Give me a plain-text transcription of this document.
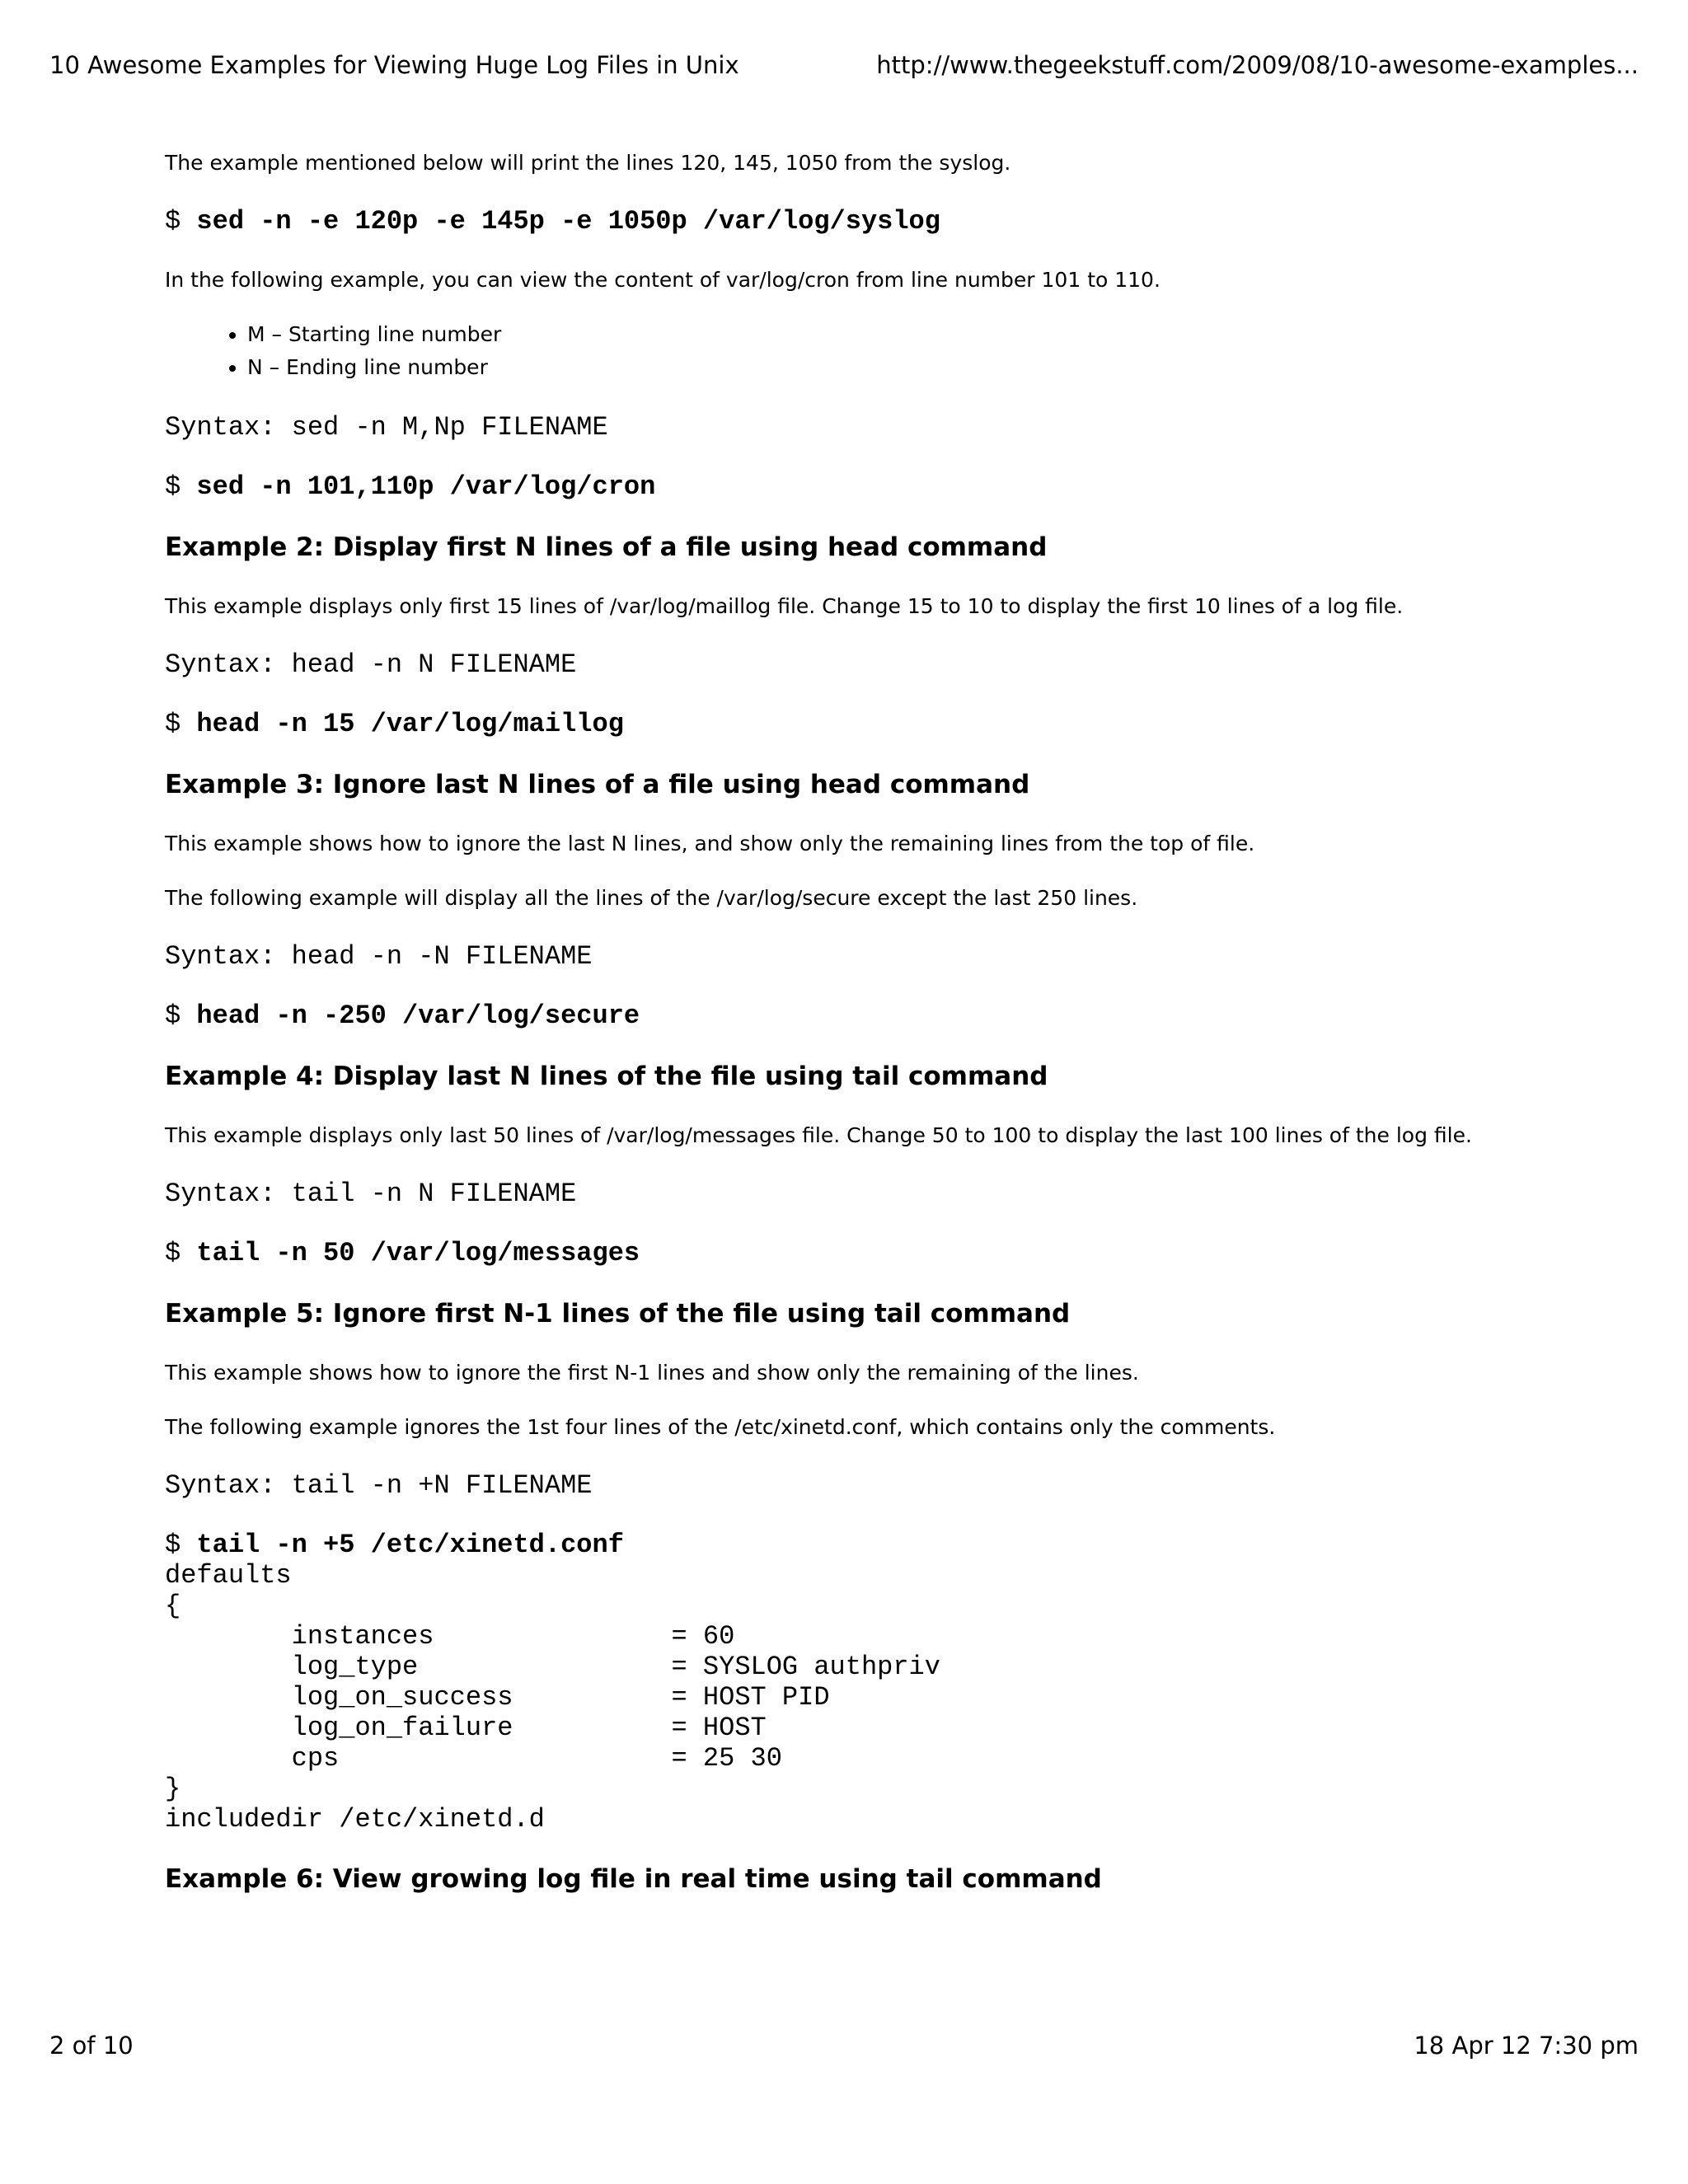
10 Awesome Examples for Viewing Huge Log Files in Unix	http://www.thegeekstuff.com/2009/08/10-awesome-examples...

The example mentioned below will print the lines 120, 145, 1050 from the syslog.

$ sed -n -e 120p -e 145p -e 1050p /var/log/syslog

In the following example, you can view the content of var/log/cron from line number 101 to 110.

• M – Starting line number
• N – Ending line number
Syntax: sed -n M,Np FILENAME
$ sed -n 101,110p /var/log/cron
Example 2: Display first N lines of a file using head command

This example displays only first 15 lines of /var/log/maillog file. Change 15 to 10 to display the first 10 lines of a log file.

Syntax: head -n N FILENAME
$ head -n 15 /var/log/maillog
Example 3: Ignore last N lines of a file using head command

This example shows how to ignore the last N lines, and show only the remaining lines from the top of file.

The following example will display all the lines of the /var/log/secure except the last 250 lines.

Syntax: head -n -N FILENAME
$ head -n -250 /var/log/secure
Example 4: Display last N lines of the file using tail command

This example displays only last 50 lines of /var/log/messages file. Change 50 to 100 to display the last 100 lines of the log file.

Syntax: tail -n N FILENAME
$ tail -n 50 /var/log/messages
Example 5: Ignore first N-1 lines of the file using tail command

This example shows how to ignore the first N-1 lines and show only the remaining of the lines.

The following example ignores the 1st four lines of the /etc/xinetd.conf, which contains only the comments.

Syntax: tail -n +N FILENAME
$ tail -n +5 /etc/xinetd.conf
defaults
{
instances               = 60
log_type                = SYSLOG authpriv
log_on_success          = HOST PID
log_on_failure          = HOST
cps                     = 25 30
}
includedir /etc/xinetd.d
Example 6: View growing log file in real time using tail command
2 of 10	18 Apr 12 7:30 pm
